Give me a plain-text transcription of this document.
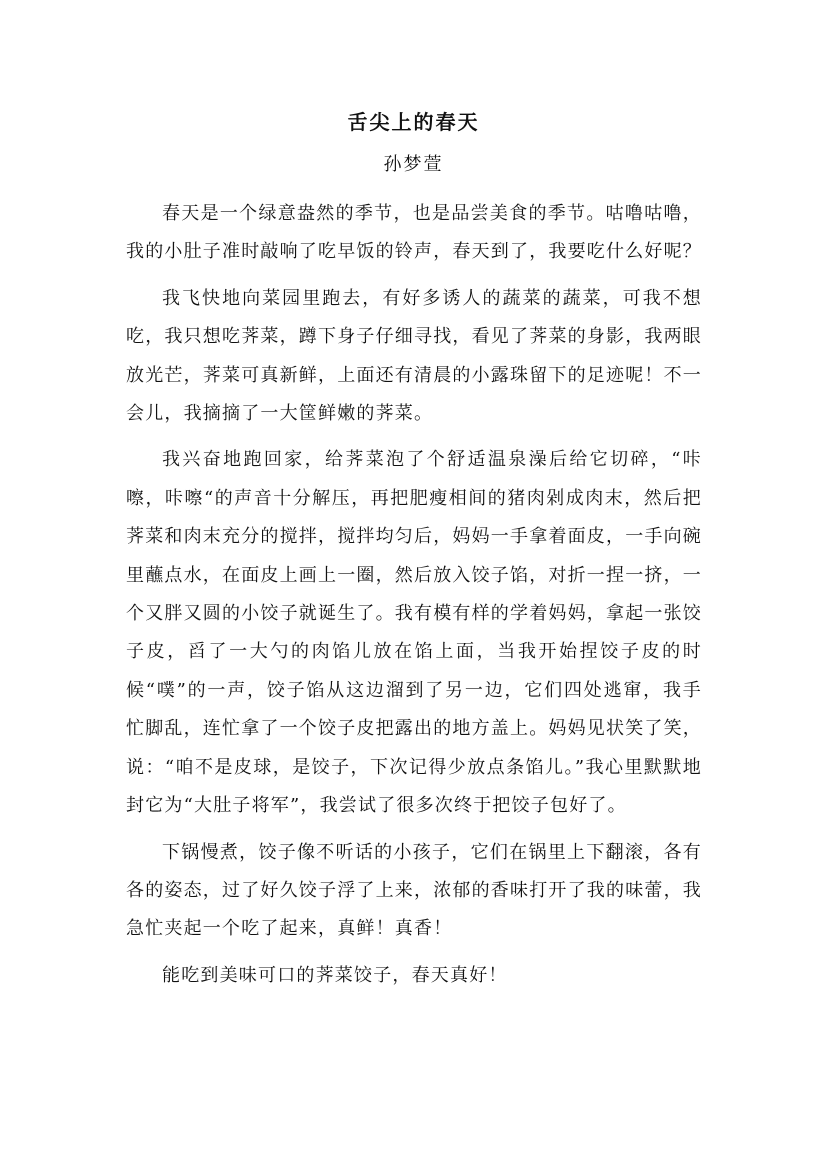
舌尖上的春天
孙梦萱

春天是一个绿意盎然的季节，也是品尝美食的季节。咕噜咕噜，我的小肚子准时敲响了吃早饭的铃声，春天到了，我要吃什么好呢？

我飞快地向菜园里跑去，有好多诱人的蔬菜的蔬菜，可我不想吃，我只想吃荠菜，蹲下身子仔细寻找，看见了荠菜的身影，我两眼放光芒，荠菜可真新鲜，上面还有清晨的小露珠留下的足迹呢！不一会儿，我摘摘了一大筐鲜嫩的荠菜。

我兴奋地跑回家，给荠菜泡了个舒适温泉澡后给它切碎，“咔嚓，咔嚓“的声音十分解压，再把肥瘦相间的猪肉剁成肉末，然后把荠菜和肉末充分的搅拌，搅拌均匀后，妈妈一手拿着面皮，一手向碗里蘸点水，在面皮上画上一圈，然后放入饺子馅，对折一捏一挤，一个又胖又圆的小饺子就诞生了。我有模有样的学着妈妈，拿起一张饺子皮，舀了一大勺的肉馅儿放在馅上面，当我开始捏饺子皮的时候“噗”的一声，饺子馅从这边溜到了另一边，它们四处逃窜，我手忙脚乱，连忙拿了一个饺子皮把露出的地方盖上。妈妈见状笑了笑，说：“咱不是皮球，是饺子，下次记得少放点条馅儿。”我心里默默地封它为“大肚子将军”，我尝试了很多次终于把饺子包好了。

下锅慢煮，饺子像不听话的小孩子，它们在锅里上下翻滚，各有各的姿态，过了好久饺子浮了上来，浓郁的香味打开了我的味蕾，我急忙夹起一个吃了起来，真鲜！真香！

能吃到美味可口的荠菜饺子，春天真好！
